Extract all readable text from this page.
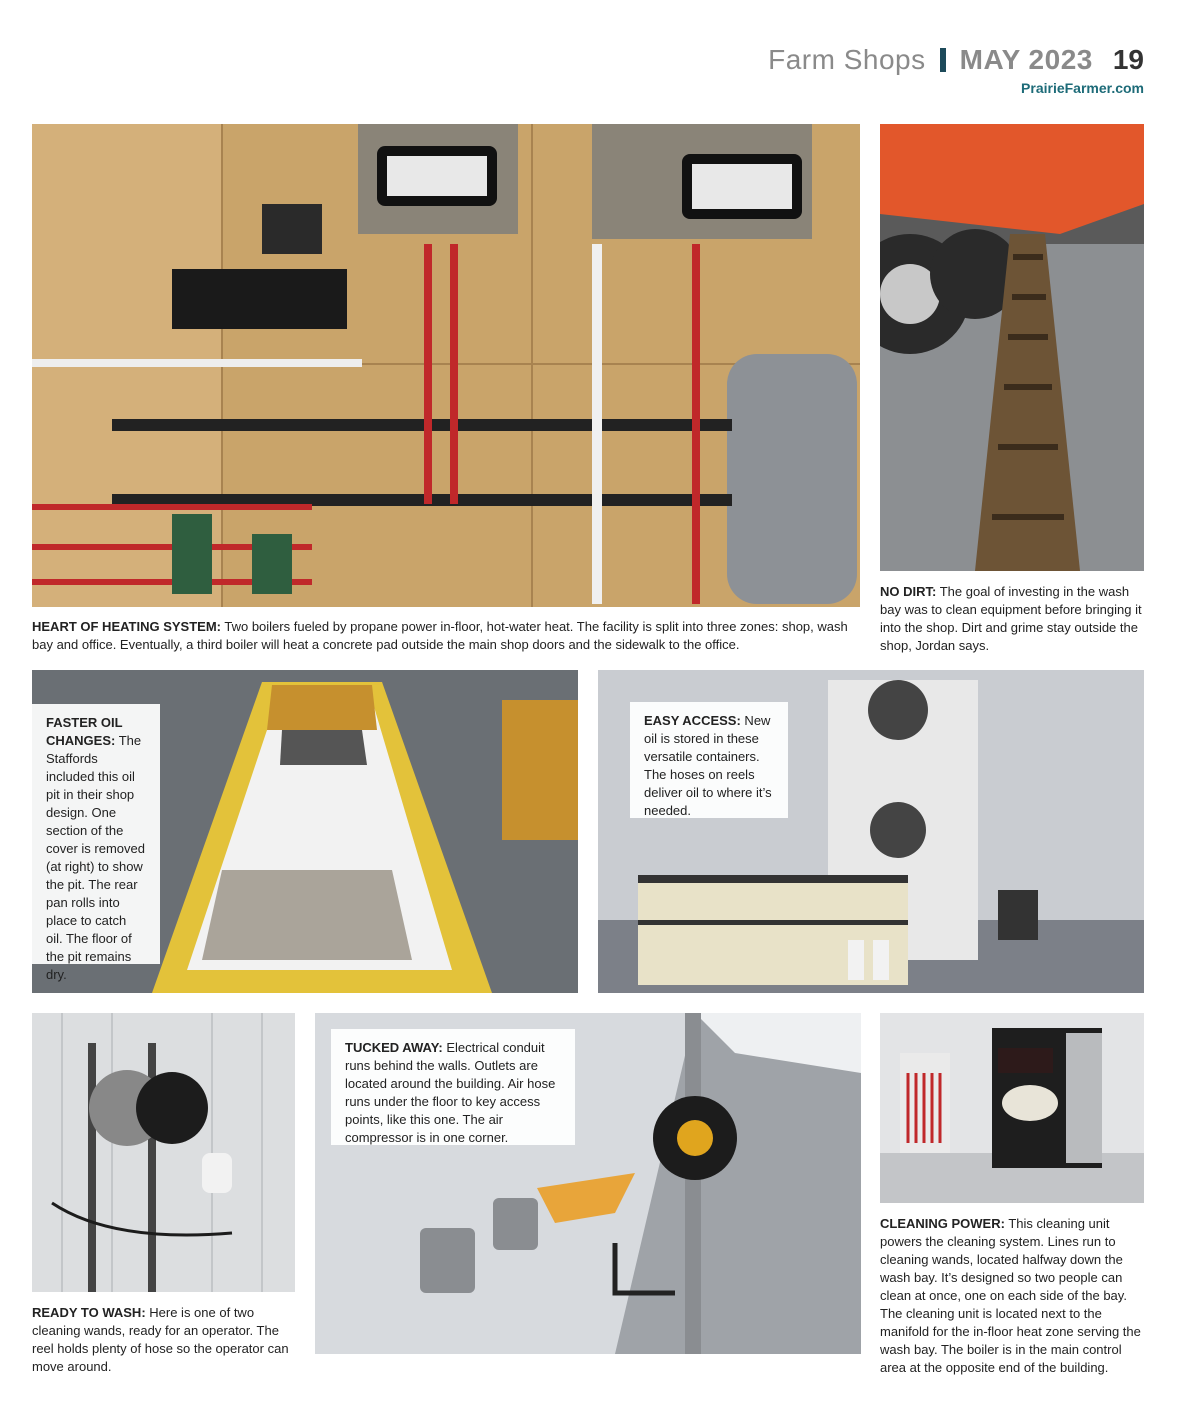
Farm Shops MAY 2023 19
PrairieFarmer.com
HEART OF HEATING SYSTEM: Two boilers fueled by propane power in-floor, hot-water heat. The facility is split into three zones: shop, wash bay and office. Eventually, a third boiler will heat a concrete pad outside the main shop doors and the sidewalk to the office.
NO DIRT: The goal of investing in the wash bay was to clean equipment before bringing it into the shop. Dirt and grime stay outside the shop, Jordan says.
FASTER OIL CHANGES: The Staffords included this oil pit in their shop design. One section of the cover is removed (at right) to show the pit. The rear pan rolls into place to catch oil. The floor of the pit remains dry.
EASY ACCESS: New oil is stored in these versatile containers. The hoses on reels deliver oil to where it’s needed.
READY TO WASH: Here is one of two cleaning wands, ready for an operator. The reel holds plenty of hose so the operator can move around.
TUCKED AWAY: Electrical conduit runs behind the walls. Outlets are located around the building. Air hose runs under the floor to key access points, like this one. The air compressor is in one corner.
CLEANING POWER: This cleaning unit powers the cleaning system. Lines run to cleaning wands, located halfway down the wash bay. It’s designed so two people can clean at once, one on each side of the bay. The cleaning unit is located next to the manifold for the in-floor heat zone serving the wash bay. The boiler is in the main control area at the opposite end of the building.
